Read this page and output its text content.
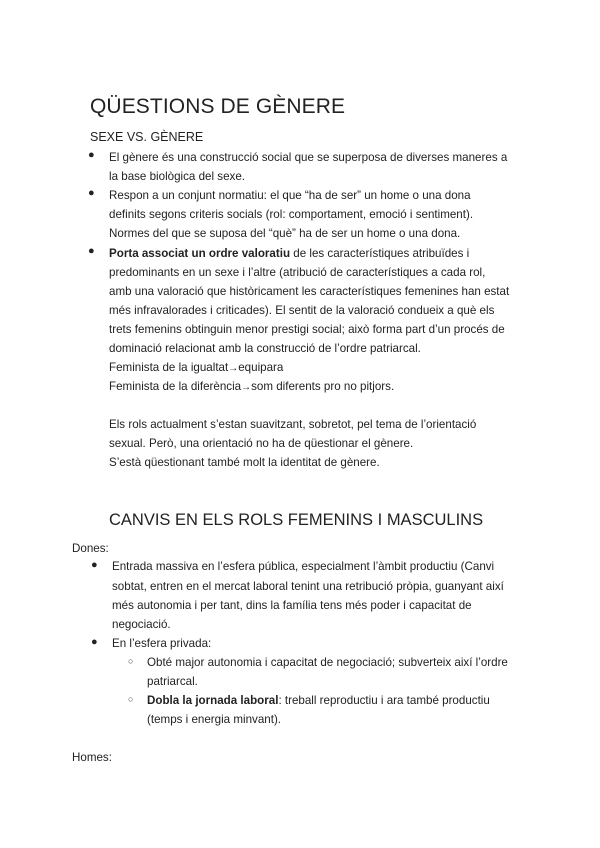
QÜESTIONS DE GÈNERE
SEXE VS. GÈNERE
● El gènere és una construcció social que se superposa de diverses maneres a
la base biològica del sexe.
● Respon a un conjunt normatiu: el que “ha de ser” un home o una dona
definits segons criteris socials (rol: comportament, emoció i sentiment).
Normes del que se suposa del “què” ha de ser un home o una dona.
● Porta associat un ordre valoratiu de les característiques atribuïdes i
predominants en un sexe i l’altre (atribució de característiques a cada rol,
amb una valoració que històricament les característiques femenines han estat
més infravalorades i criticades). El sentit de la valoració condueix a què els
trets femenins obtinguin menor prestigi social; això forma part d’un procés de
dominació relacionat amb la construcció de l’ordre patriarcal.
Feminista de la igualtat→equipara
Feminista de la diferència→som diferents pro no pitjors.
Els rols actualment s’estan suavitzant, sobretot, pel tema de l’orientació
sexual. Però, una orientació no ha de qüestionar el gènere.
S’està qüestionant també molt la identitat de gènere.
CANVIS EN ELS ROLS FEMENINS I MASCULINS
Dones:
● Entrada massiva en l’esfera pública, especialment l’àmbit productiu (Canvi
sobtat, entren en el mercat laboral tenint una retribució pròpia, guanyant així
més autonomia i per tant, dins la família tens més poder i capacitat de
negociació.
● En l’esfera privada:
○ Obté major autonomia i capacitat de negociació; subverteix així l’ordre
patriarcal.
○ Dobla la jornada laboral: treball reproductiu i ara també productiu
(temps i energia minvant).
Homes:
